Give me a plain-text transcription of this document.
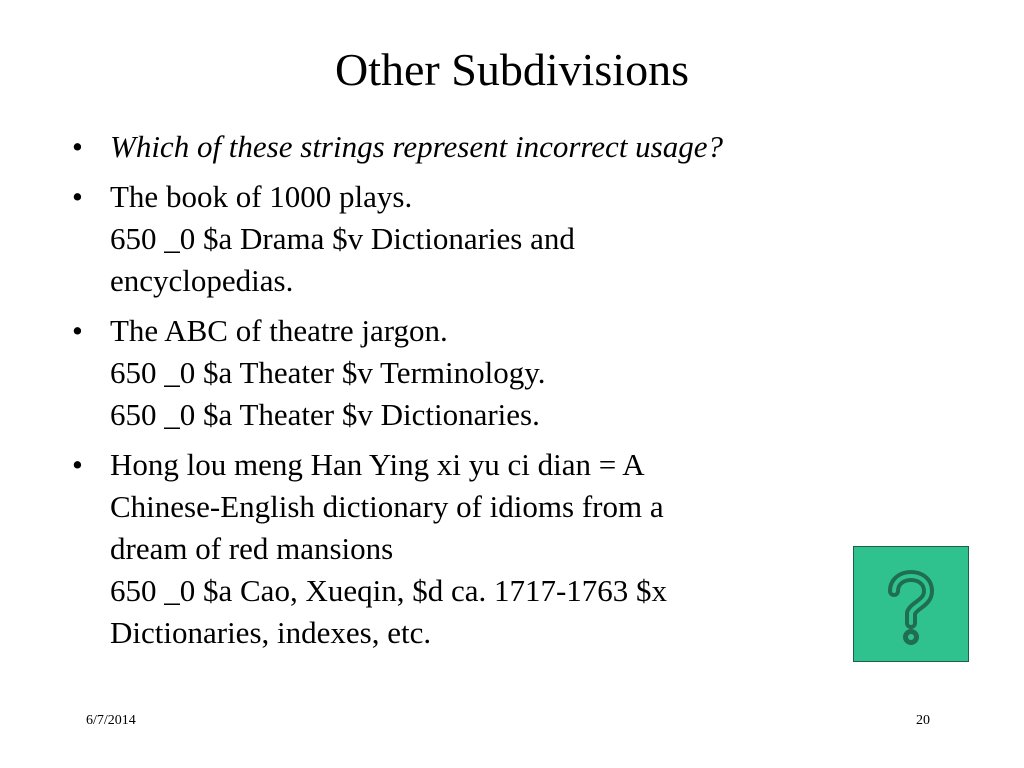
Other Subdivisions
• Which of these strings represent incorrect usage?
• The book of 1000 plays.
650 _0 $a Drama $v Dictionaries and
encyclopedias.
• The ABC of theatre jargon.
650 _0 $a Theater $v Terminology.
650 _0 $a Theater $v Dictionaries.
• Hong lou meng Han Ying xi yu ci dian = A
Chinese-English dictionary of idioms from a
dream of red mansions
650 _0 $a Cao, Xueqin, $d ca. 1717-1763 $x
Dictionaries, indexes, etc.
6/7/2014	20
